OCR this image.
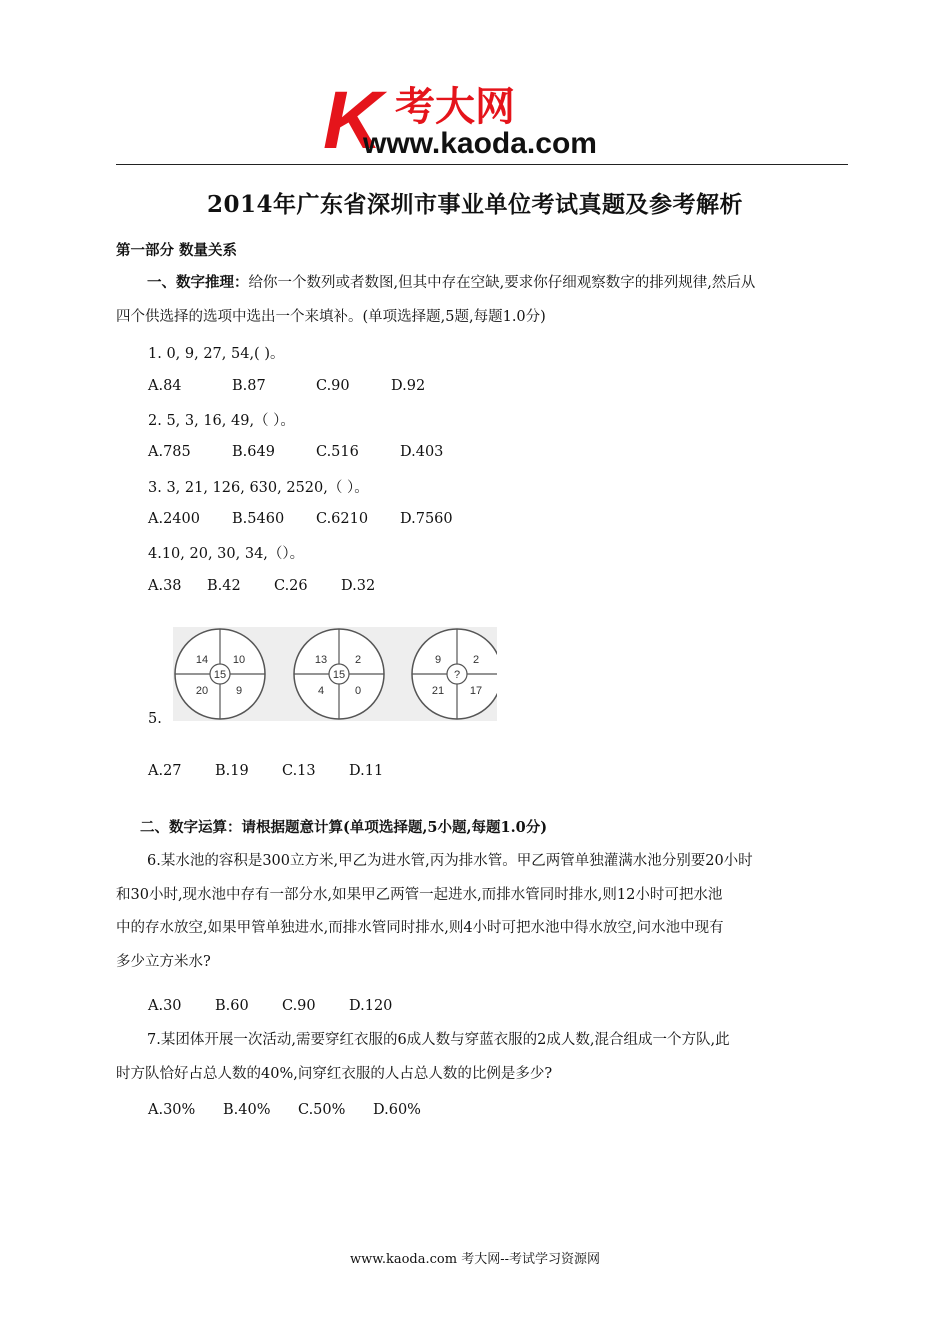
K 考大网
www.kaoda.com
2014年广东省深圳市事业单位考试真题及参考解析
第一部分 数量关系

一、数字推理：给你一个数列或者数图,但其中存在空缺,要求你仔细观察数字的排列规律,然后从

四个供选择的选项中选出一个来填补。(单项选择题,5题,每题1.0分)

1. 0, 9, 27, 54,( )。
A.84	B.87	C.90	D.92
2. 5, 3, 16, 49,（ ）。
A.785	B.649	C.516	D.403
3. 3, 21, 126, 630, 2520,（ ）。
A.2400 B.5460 C.6210 D.7560
4.10, 20, 30, 34,（）。
A.38 B.42 C.26 D.32
14 10
20	9
15
13	2
4	0
15
9	2
21 17
?
5.
A.27 B.19 C.13 D.11
二、数字运算：请根据题意计算(单项选择题,5小题,每题1.0分)

6.某水池的容积是300立方米,甲乙为进水管,丙为排水管。甲乙两管单独灌满水池分别要20小时

和30小时,现水池中存有一部分水,如果甲乙两管一起进水,而排水管同时排水,则12小时可把水池

中的存水放空,如果甲管单独进水,而排水管同时排水,则4小时可把水池中得水放空,问水池中现有

多少立方米水?

A.30 B.60 C.90 D.120

7.某团体开展一次活动,需要穿红衣服的6成人数与穿蓝衣服的2成人数,混合组成一个方队,此

时方队恰好占总人数的40%,问穿红衣服的人占总人数的比例是多少?

A.30% B.40% C.50% D.60%
www.kaoda.com 考大网--考试学习资源网
